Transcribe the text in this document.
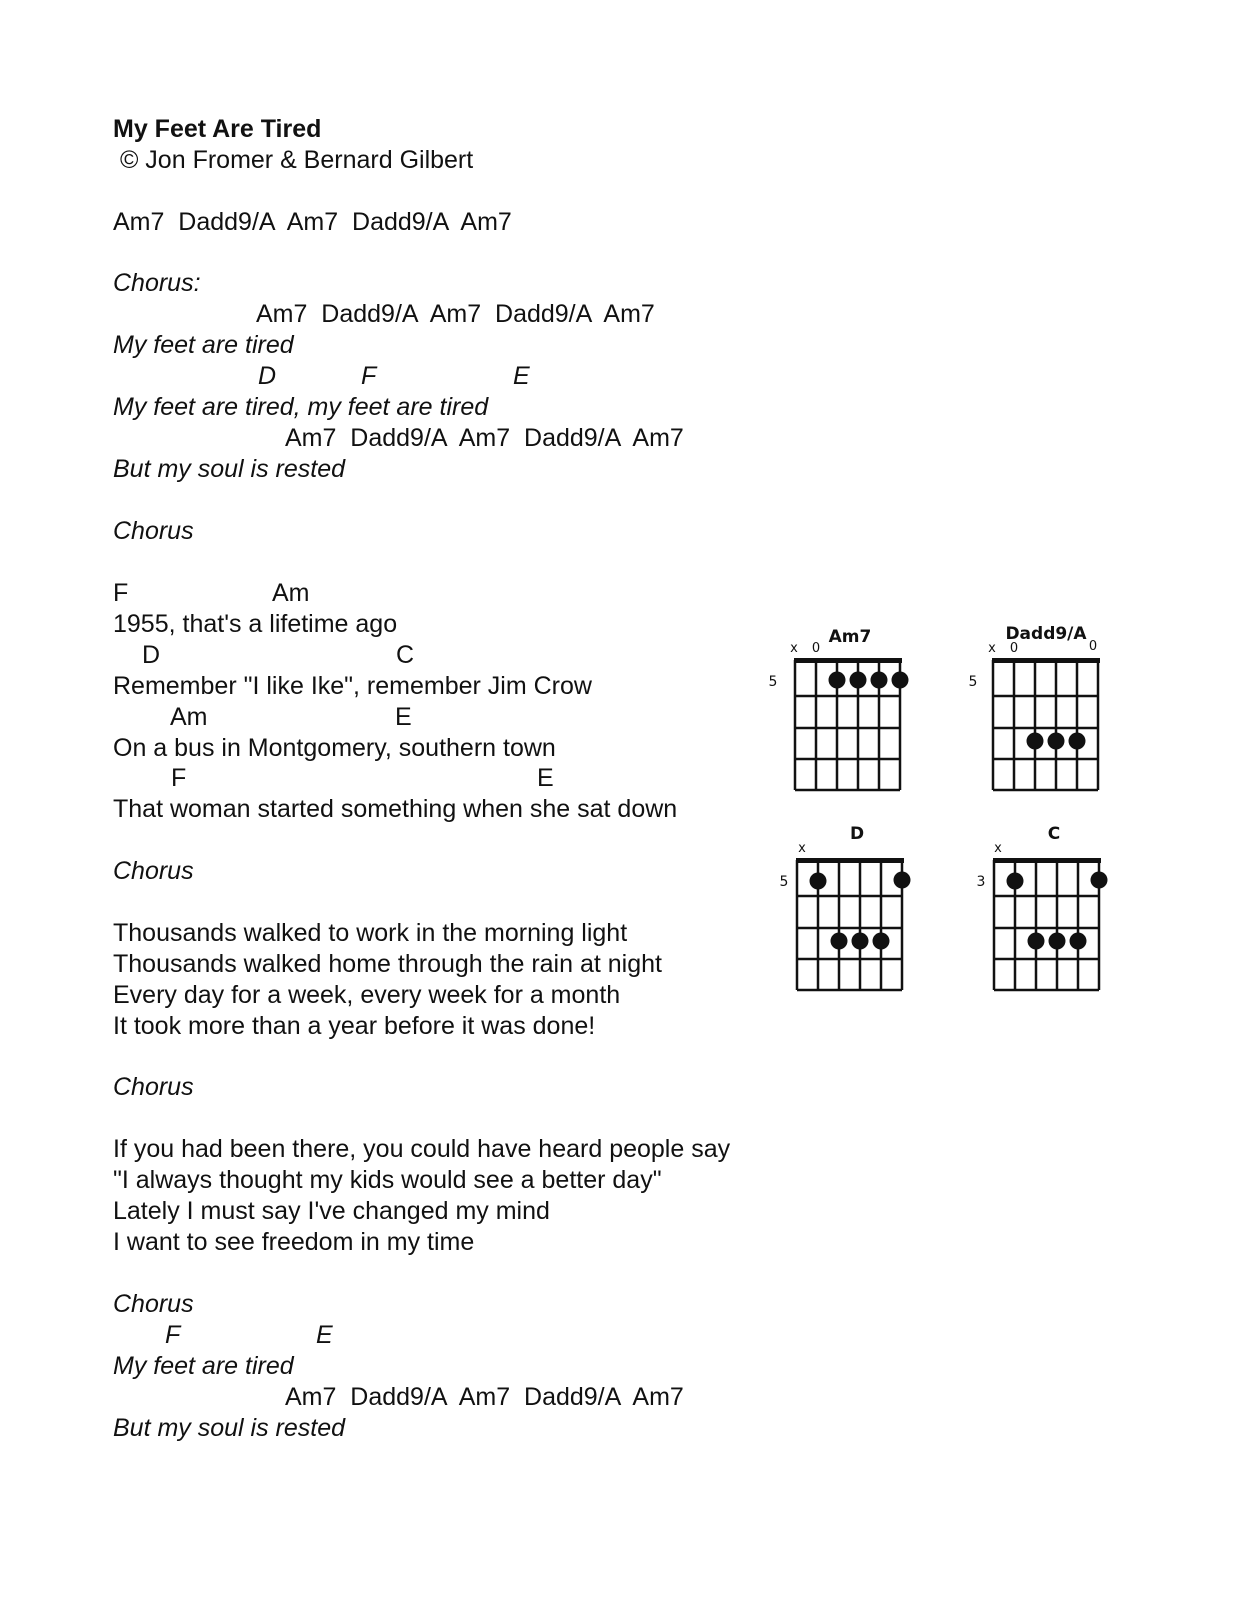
My Feet Are Tired
© Jon Fromer & Bernard Gilbert
Am7  Dadd9/A  Am7  Dadd9/A  Am7
Chorus:
Am7  Dadd9/A  Am7  Dadd9/A  Am7
My feet are tired
D	F	E
My feet are tired, my feet are tired
Am7  Dadd9/A  Am7  Dadd9/A  Am7
But my soul is rested
Chorus
F	Am
1955, that's a lifetime ago
D	C
Remember "I like Ike", remember Jim Crow
Am	E
On a bus in Montgomery, southern town
F	E
That woman started something when she sat down
Chorus
Thousands walked to work in the morning light
Thousands walked home through the rain at night
Every day for a week, every week for a month
It took more than a year before it was done!
Chorus
If you had been there, you could have heard people say
"I always thought my kids would see a better day"
Lately I must say I've changed my mind
I want to see freedom in my time
Chorus
F	E
My feet are tired
Am7  Dadd9/A  Am7  Dadd9/A  Am7
But my soul is rested
Am7
x 0
5
Dadd9/A
x 0	0
5
D
x
5
C
x
3
